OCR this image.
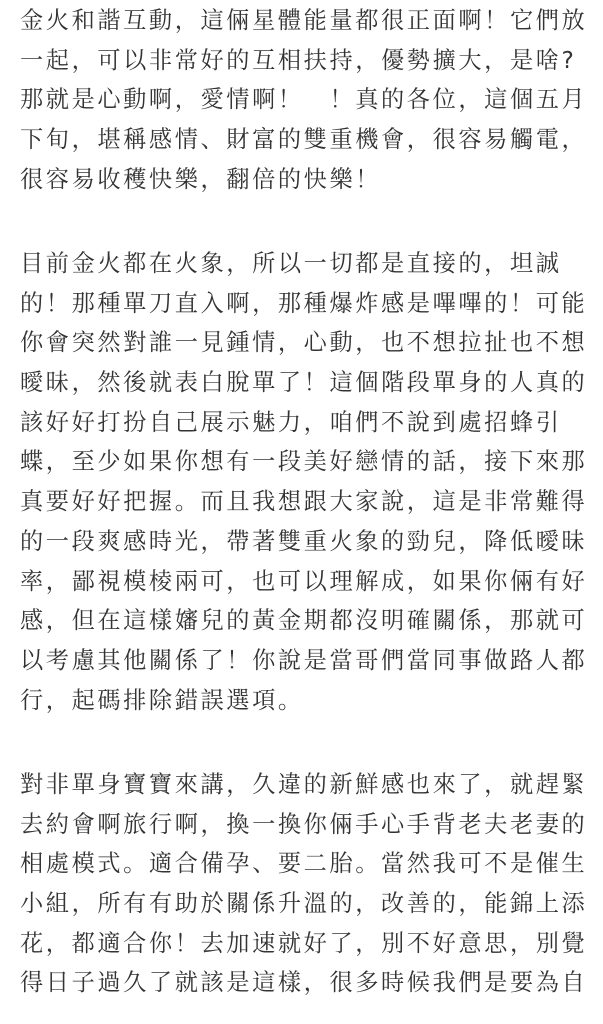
金火和諧互動，這倆星體能量都很正面啊！它們放
一起，可以非常好的互相扶持，優勢擴大，是啥?
那就是心動啊，愛情啊！　！真的各位，這個五月
下旬，堪稱感情、財富的雙重機會，很容易觸電，
很容易收穫快樂，翻倍的快樂！
目前金火都在火象，所以一切都是直接的，坦誠
的！那種單刀直入啊，那種爆炸感是嗶嗶的！可能
你會突然對誰一見鍾情，心動，也不想拉扯也不想
曖昧，然後就表白脫單了！這個階段單身的人真的
該好好打扮自己展示魅力，咱們不說到處招蜂引
蝶，至少如果你想有一段美好戀情的話，接下來那
真要好好把握。而且我想跟大家說，這是非常難得
的一段爽感時光，帶著雙重火象的勁兒，降低曖昧
率，鄙視模棱兩可，也可以理解成，如果你倆有好
感，但在這樣嬸兒的黃金期都沒明確關係，那就可
以考慮其他關係了！你說是當哥們當同事做路人都
行，起碼排除錯誤選項。
對非單身寶寶來講，久違的新鮮感也來了，就趕緊
去約會啊旅行啊，換一換你倆手心手背老夫老妻的
相處模式。適合備孕、要二胎。當然我可不是催生
小組，所有有助於關係升溫的，改善的，能錦上添
花，都適合你！去加速就好了，別不好意思，別覺
得日子過久了就該是這樣，很多時候我們是要為自
